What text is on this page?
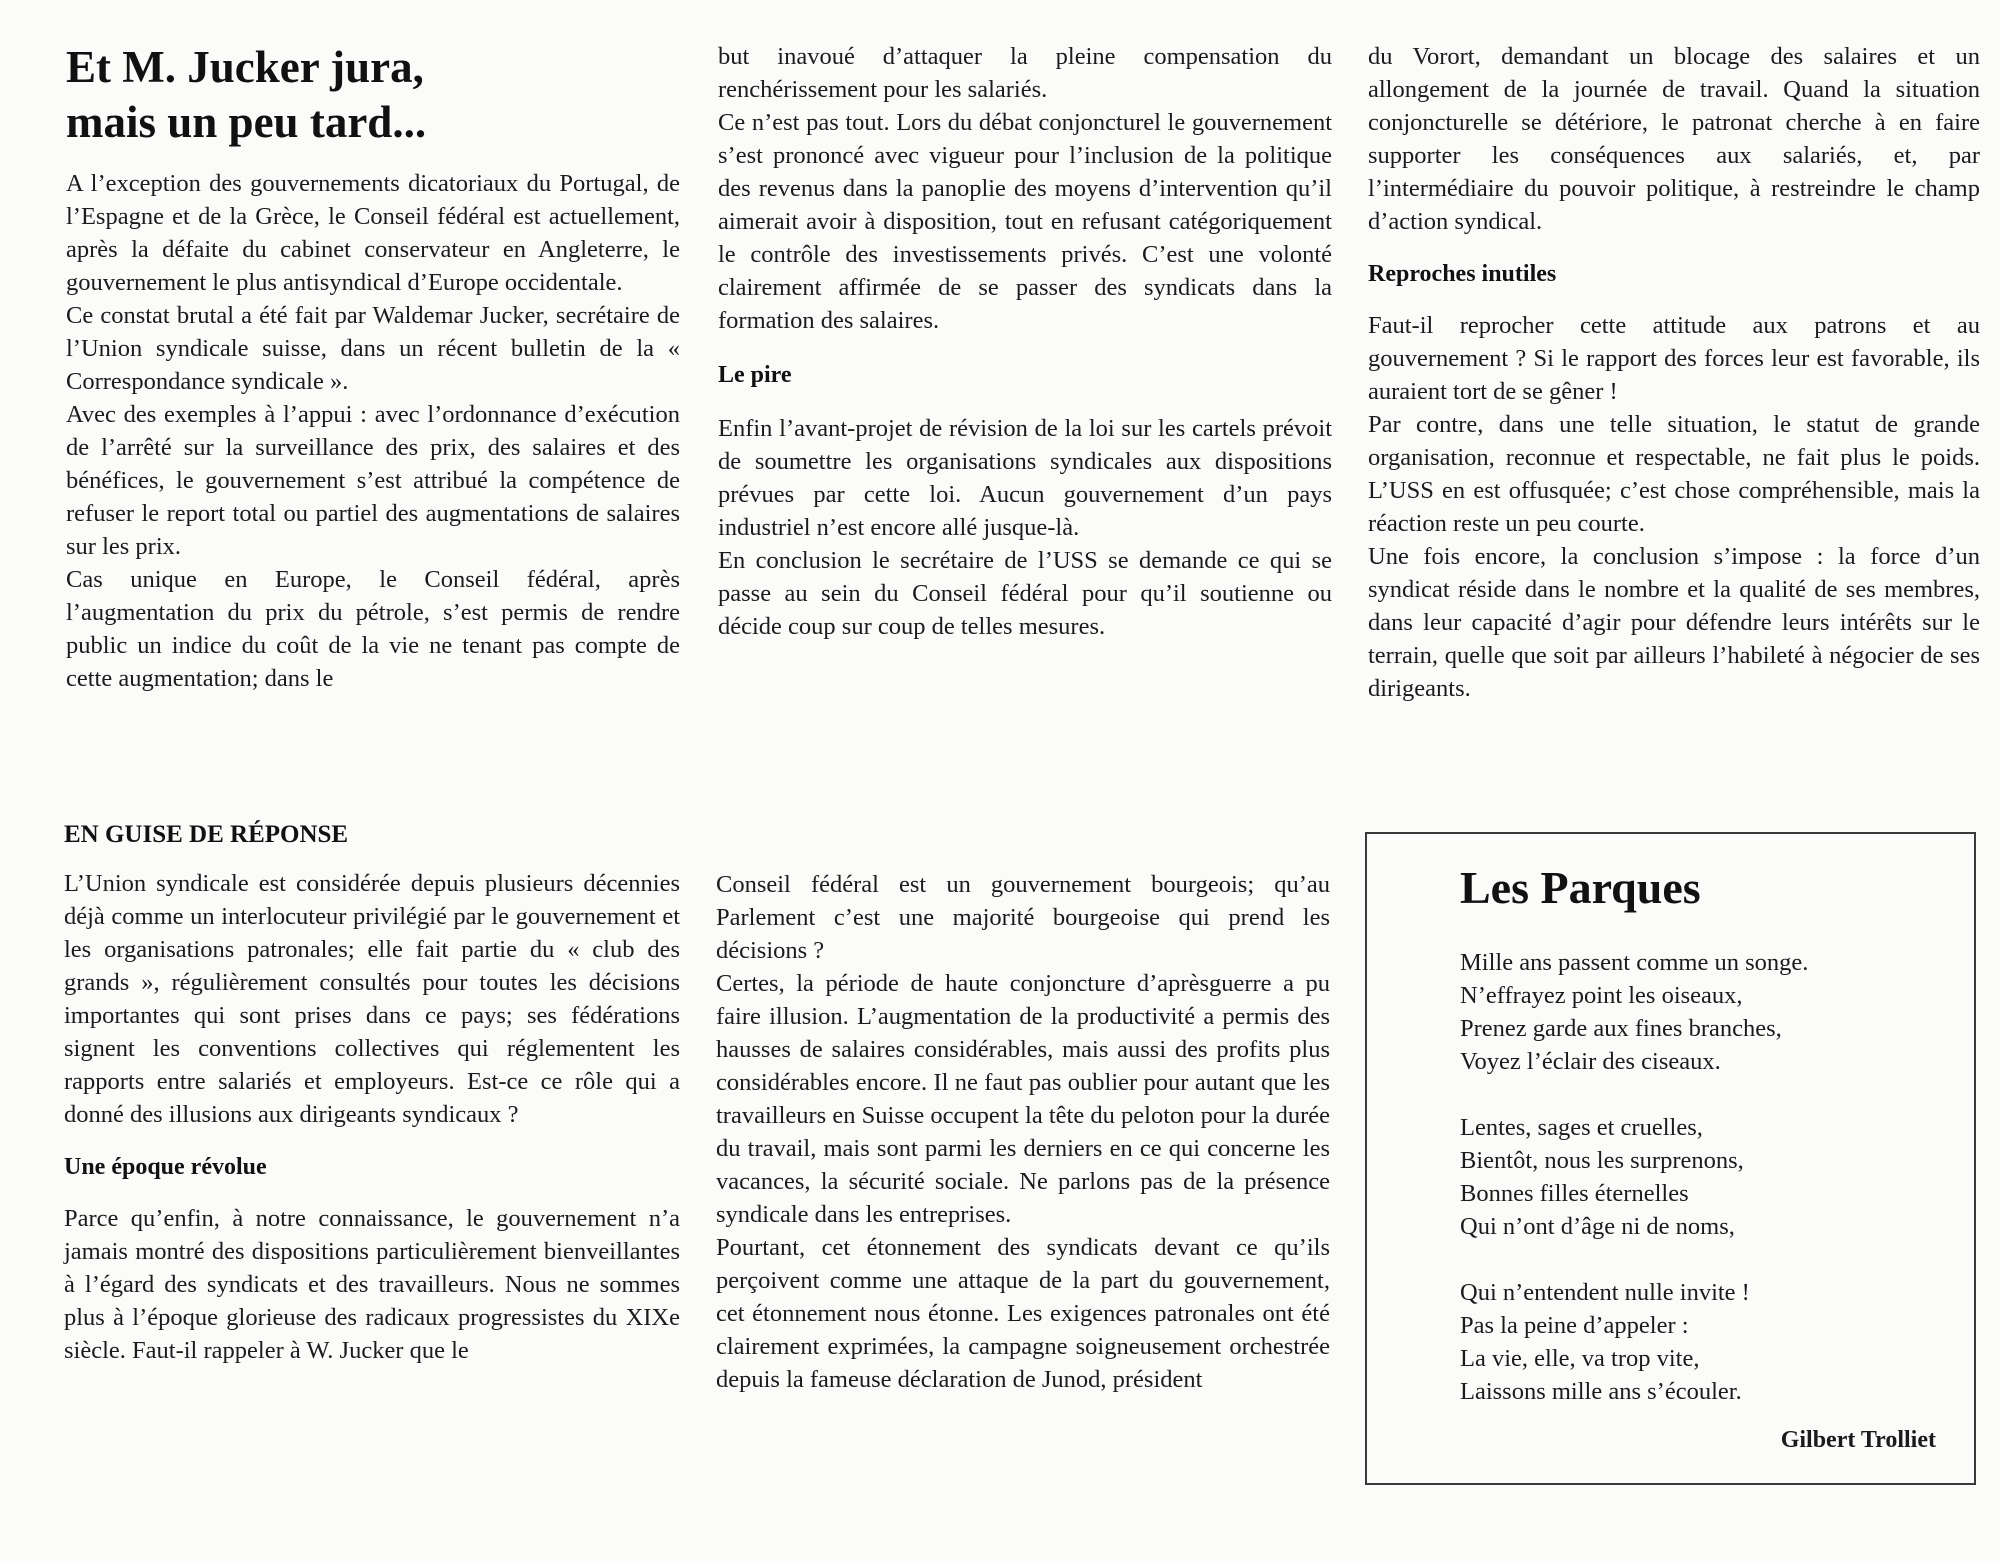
Et M. Jucker jura,
mais un peu tard...

A l’exception des gouvernements dicatoriaux du Portugal, de l’Espagne et de la Grèce, le Conseil fédéral est actuellement, après la défaite du cabinet conservateur en Angleterre, le gouvernement le plus antisyndical d’Europe occidentale.

Ce constat brutal a été fait par Waldemar Jucker, secrétaire de l’Union syndicale suisse, dans un récent bulletin de la « Correspondance syndicale ».

Avec des exemples à l’appui : avec l’ordonnance d’exécution de l’arrêté sur la surveillance des prix, des salaires et des bénéfices, le gouvernement s’est attribué la compétence de refuser le report total ou partiel des augmentations de salaires sur les prix.

Cas unique en Europe, le Conseil fédéral, après l’augmentation du prix du pétrole, s’est permis de rendre public un indice du coût de la vie ne tenant pas compte de cette augmentation; dans le

but inavoué d’attaquer la pleine compensation du renchérissement pour les salariés.

Ce n’est pas tout. Lors du débat conjoncturel le gouvernement s’est prononcé avec vigueur pour l’inclusion de la politique des revenus dans la panoplie des moyens d’intervention qu’il aimerait avoir à disposition, tout en refusant catégoriquement le contrôle des investissements privés. C’est une volonté clairement affirmée de se passer des syndicats dans la formation des salaires.

Le pire

Enfin l’avant-projet de révision de la loi sur les cartels prévoit de soumettre les organisations syndicales aux dispositions prévues par cette loi. Aucun gouvernement d’un pays industriel n’est encore allé jusque-là.

En conclusion le secrétaire de l’USS se demande ce qui se passe au sein du Conseil fédéral pour qu’il soutienne ou décide coup sur coup de telles mesures.

du Vorort, demandant un blocage des salaires et un allongement de la journée de travail. Quand la situation conjoncturelle se détériore, le patronat cherche à en faire supporter les conséquences aux salariés, et, par l’intermédiaire du pouvoir politique, à restreindre le champ d’action syndical.

Reproches inutiles

Faut-il reprocher cette attitude aux patrons et au gouvernement ? Si le rapport des forces leur est favorable, ils auraient tort de se gêner !

Par contre, dans une telle situation, le statut de grande organisation, reconnue et respectable, ne fait plus le poids. L’USS en est offusquée; c’est chose compréhensible, mais la réaction reste un peu courte.

Une fois encore, la conclusion s’impose : la force d’un syndicat réside dans le nombre et la qualité de ses membres, dans leur capacité d’agir pour défendre leurs intérêts sur le terrain, quelle que soit par ailleurs l’habileté à négocier de ses dirigeants.

EN GUISE DE RÉPONSE

L’Union syndicale est considérée depuis plusieurs décennies déjà comme un interlocuteur privilégié par le gouvernement et les organisations patronales; elle fait partie du « club des grands », régulièrement consultés pour toutes les décisions importantes qui sont prises dans ce pays; ses fédérations signent les conventions collectives qui réglementent les rapports entre salariés et employeurs. Est-ce ce rôle qui a donné des illusions aux dirigeants syndicaux ?

Une époque révolue

Parce qu’enfin, à notre connaissance, le gouvernement n’a jamais montré des dispositions particulièrement bienveillantes à l’égard des syndicats et des travailleurs. Nous ne sommes plus à l’époque glorieuse des radicaux progressistes du XIXe siècle. Faut-il rappeler à W. Jucker que le

Conseil fédéral est un gouvernement bourgeois; qu’au Parlement c’est une majorité bourgeoise qui prend les décisions ?

Certes, la période de haute conjoncture d’aprèsguerre a pu faire illusion. L’augmentation de la productivité a permis des hausses de salaires considérables, mais aussi des profits plus considérables encore. Il ne faut pas oublier pour autant que les travailleurs en Suisse occupent la tête du peloton pour la durée du travail, mais sont parmi les derniers en ce qui concerne les vacances, la sécurité sociale. Ne parlons pas de la présence syndicale dans les entreprises.

Pourtant, cet étonnement des syndicats devant ce qu’ils perçoivent comme une attaque de la part du gouvernement, cet étonnement nous étonne. Les exigences patronales ont été clairement exprimées, la campagne soigneusement orchestrée depuis la fameuse déclaration de Junod, président

Les Parques
Mille ans passent comme un songe.
N’effrayez point les oiseaux,
Prenez garde aux fines branches,
Voyez l’éclair des ciseaux.
Lentes, sages et cruelles,
Bientôt, nous les surprenons,
Bonnes filles éternelles
Qui n’ont d’âge ni de noms,
Qui n’entendent nulle invite !
Pas la peine d’appeler :
La vie, elle, va trop vite,
Laissons mille ans s’écouler.
Gilbert Trolliet
